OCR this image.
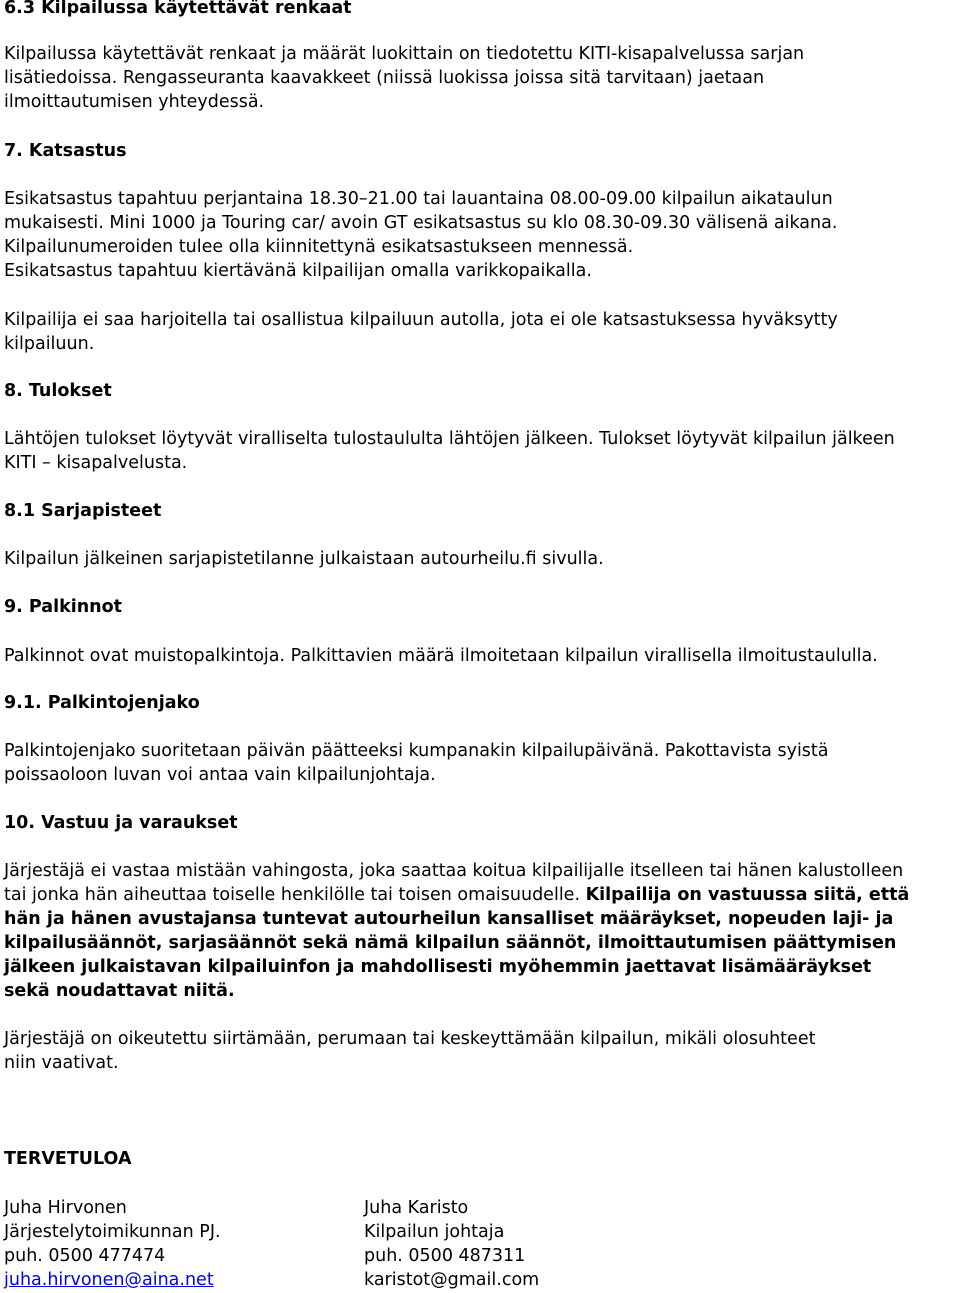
6.3 Kilpailussa käytettävät renkaat
Kilpailussa käytettävät renkaat ja määrät luokittain on tiedotettu KITI-kisapalvelussa sarjan
lisätiedoissa. Rengasseuranta kaavakkeet (niissä luokissa joissa sitä tarvitaan) jaetaan
ilmoittautumisen yhteydessä.
7. Katsastus
Esikatsastus tapahtuu perjantaina 18.30–21.00 tai lauantaina 08.00-09.00 kilpailun aikataulun
mukaisesti. Mini 1000 ja Touring car/ avoin GT esikatsastus su klo 08.30-09.30 välisenä aikana.
Kilpailunumeroiden tulee olla kiinnitettynä esikatsastukseen mennessä.
Esikatsastus tapahtuu kiertävänä kilpailijan omalla varikkopaikalla.
Kilpailija ei saa harjoitella tai osallistua kilpailuun autolla, jota ei ole katsastuksessa hyväksytty
kilpailuun.
8. Tulokset
Lähtöjen tulokset löytyvät viralliselta tulostaululta lähtöjen jälkeen. Tulokset löytyvät kilpailun jälkeen
KITI – kisapalvelusta.
8.1 Sarjapisteet
Kilpailun jälkeinen sarjapistetilanne julkaistaan autourheilu.fi sivulla.
9. Palkinnot
Palkinnot ovat muistopalkintoja. Palkittavien määrä ilmoitetaan kilpailun virallisella ilmoitustaululla.
9.1. Palkintojenjako
Palkintojenjako suoritetaan päivän päätteeksi kumpanakin kilpailupäivänä. Pakottavista syistä
poissaoloon luvan voi antaa vain kilpailunjohtaja.
10. Vastuu ja varaukset
Järjestäjä ei vastaa mistään vahingosta, joka saattaa koitua kilpailijalle itselleen tai hänen kalustolleen
tai jonka hän aiheuttaa toiselle henkilölle tai toisen omaisuudelle. Kilpailija on vastuussa siitä, että
hän ja hänen avustajansa tuntevat autourheilun kansalliset määräykset, nopeuden laji- ja
kilpailusäännöt, sarjasäännöt sekä nämä kilpailun säännöt, ilmoittautumisen päättymisen
jälkeen julkaistavan kilpailuinfon ja mahdollisesti myöhemmin jaettavat lisämääräykset
sekä noudattavat niitä.
Järjestäjä on oikeutettu siirtämään, perumaan tai keskeyttämään kilpailun, mikäli olosuhteet
niin vaativat.
TERVETULOA
Juha Hirvonen
Järjestelytoimikunnan PJ.
puh. 0500 477474
juha.hirvonen@aina.net
Juha Karisto
Kilpailun johtaja
puh. 0500 487311
karistot@gmail.com
